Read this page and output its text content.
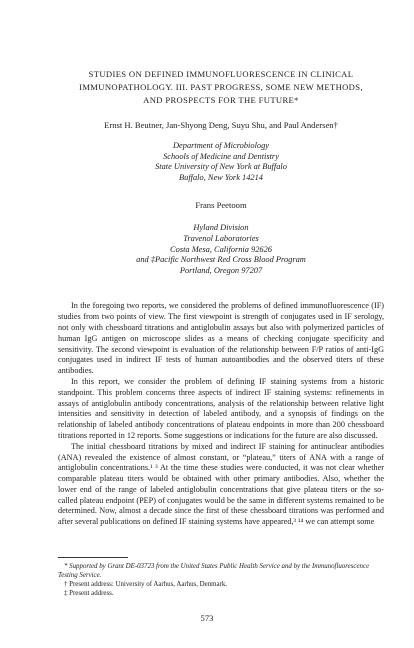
STUDIES ON DEFINED IMMUNOFLUORESCENCE IN CLINICAL
IMMUNOPATHOLOGY. III. PAST PROGRESS, SOME NEW METHODS,
AND PROSPECTS FOR THE FUTURE*
Ernst H. Beutner, Jan-Shyong Deng, Suyu Shu, and Paul Andersen†
Department of Microbiology
Schools of Medicine and Dentistry
State University of New York at Buffalo
Buffalo, New York 14214
Frans Peetoom
Hyland Division
Travenol Laboratories
Costa Mesa, California 92626
and ‡Pacific Northwest Red Cross Blood Program
Portland, Oregon 97207

In the foregoing two reports, we considered the problems of defined immunofluorescence (IF) studies from two points of view. The first viewpoint is strength of conjugates used in IF serology, not only with chessboard titrations and antiglobulin assays but also with polymerized particles of human IgG antigen on microscope slides as a means of checking conjugate specificity and sensitivity. The second viewpoint is evaluation of the relationship between F/P ratios of anti-IgG conjugates used in indirect IF tests of human autoantibodies and the observed titers of these antibodies.

In this report, we consider the problem of defining IF staining systems from a historic standpoint. This problem concerns three aspects of indirect IF staining systems: refinements in assays of antiglobulin antibody concentrations, analysis of the relationship between relative light intensities and sensitivity in detection of labeled antibody, and a synopsis of findings on the relationship of labeled antibody concentrations of plateau endpoints in more than 200 chessboard titrations reported in 12 reports. Some suggestions or indications for the future are also discussed.

The initial chessboard titrations by mixed and indirect IF staining for antinuclear antibodies (ANA) revealed the existence of almost constant, or “plateau,” titers of ANA with a range of antiglobulin concentrations.¹ ³ At the time these studies were conducted, it was not clear whether comparable plateau titers would be obtained with other primary antibodies. Also, whether the lower end of the range of labeled antiglobulin concentrations that give plateau titers or the so-called plateau endpoint (PEP) of conjugates would be the same in different systems remained to be determined. Now, almost a decade since the first of these chessboard titrations was performed and after several publications on defined IF staining systems have appeared,³ ¹⁴ we can attempt some

* Supported by Grant DE-03723 from the United States Public Health Service and by the Immunofluorescence Testing Service.

† Present address: University of Aarhus, Aarhus, Denmark.

‡ Present address.

573
